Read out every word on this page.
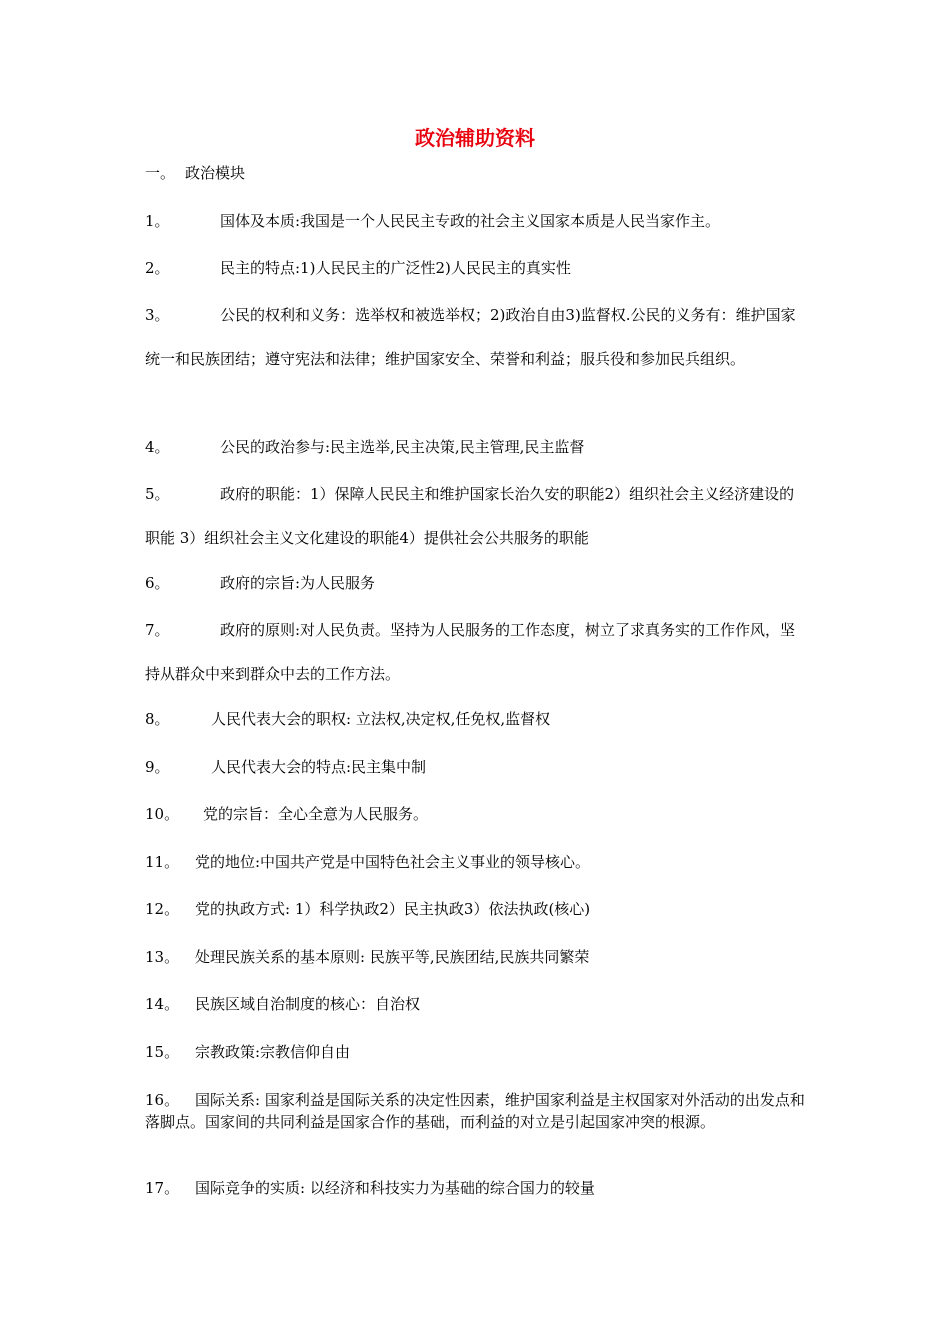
政治辅助资料
一。 政治模块
1。	国体及本质:我国是一个人民民主专政的社会主义国家本质是人民当家作主。
2。	民主的特点:1)人民民主的广泛性2)人民民主的真实性
3。	公民的权利和义务：选举权和被选举权；2)政治自由3)监督权.公民的义务有：维护国家统一和民族团结；遵守宪法和法律；维护国家安全、荣誉和利益；服兵役和参加民兵组织。
4。	公民的政治参与:民主选举,民主决策,民主管理,民主监督
5。	政府的职能：1）保障人民民主和维护国家长治久安的职能2）组织社会主义经济建设的职能 3）组织社会主义文化建设的职能4）提供社会公共服务的职能
6。	政府的宗旨:为人民服务
7。	政府的原则:对人民负责。坚持为人民服务的工作态度，树立了求真务实的工作作风，坚持从群众中来到群众中去的工作方法。
8。	人民代表大会的职权: 立法权,决定权,任免权,监督权
9。	人民代表大会的特点:民主集中制
10。 党的宗旨：全心全意为人民服务。
11。 党的地位:中国共产党是中国特色社会主义事业的领导核心。
12。 党的执政方式: 1）科学执政2）民主执政3）依法执政(核心)
13。 处理民族关系的基本原则: 民族平等,民族团结,民族共同繁荣
14。 民族区域自治制度的核心：自治权
15。 宗教政策:宗教信仰自由
16。 国际关系: 国家利益是国际关系的决定性因素，维护国家利益是主权国家对外活动的出发点和落脚点。国家间的共同利益是国家合作的基础，而利益的对立是引起国家冲突的根源。
17。 国际竞争的实质: 以经济和科技实力为基础的综合国力的较量
